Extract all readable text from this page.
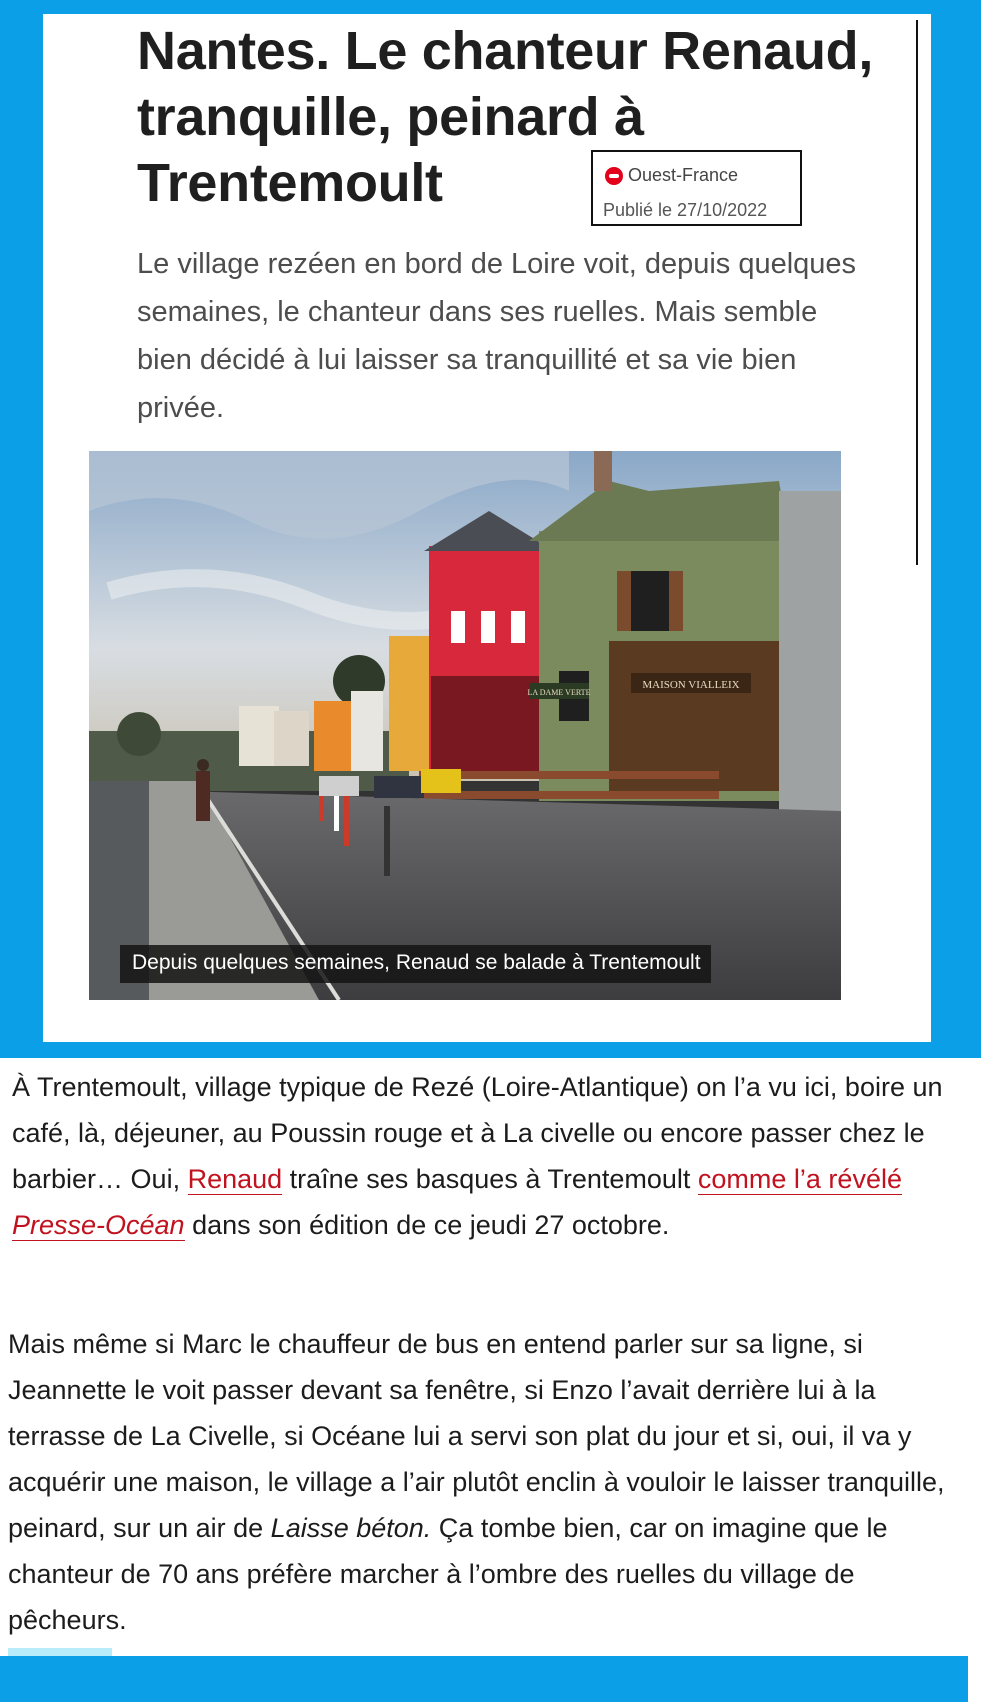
Nantes. Le chanteur Renaud, tranquille, peinard à Trentemoult	Ouest-France
Publié le 27/10/2022

Le village rezéen en bord de Loire voit, depuis quelques semaines, le chanteur dans ses ruelles. Mais semble bien décidé à lui laisser sa tranquillité et sa vie bien privée.

MAISON VIALLEIX
LA DAME VERTE
Depuis quelques semaines, Renaud se balade à Trentemoult

À Trentemoult, village typique de Rezé (Loire-Atlantique) on l’a vu ici, boire un café, là, déjeuner, au Poussin rouge et à La civelle ou encore passer chez le barbier… Oui, Renaud traîne ses basques à Trentemoult comme l’a révélé Presse-Océan dans son édition de ce jeudi 27 octobre.

Mais même si Marc le chauffeur de bus en entend parler sur sa ligne, si Jeannette le voit passer devant sa fenêtre, si Enzo l’avait derrière lui à la terrasse de La Civelle, si Océane lui a servi son plat du jour et si, oui, il va y acquérir une maison, le village a l’air plutôt enclin à vouloir le laisser tranquille, peinard, sur un air de Laisse béton. Ça tombe bien, car on imagine que le chanteur de 70 ans préfère marcher à l’ombre des ruelles du village de pêcheurs.
